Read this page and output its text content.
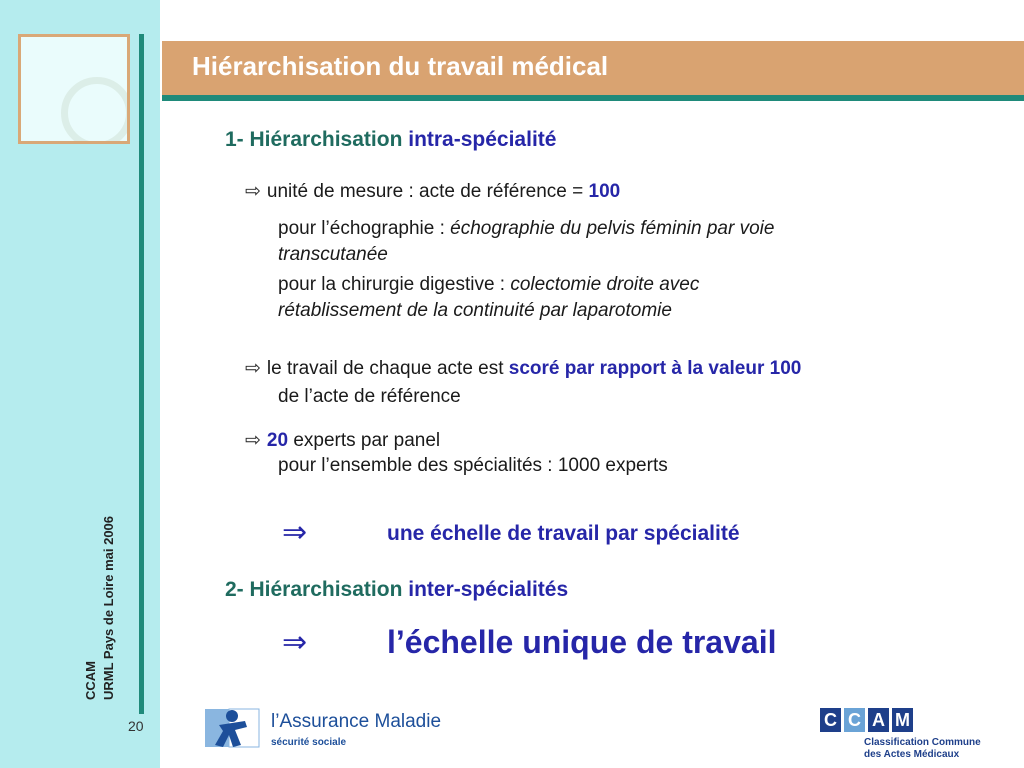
CCAM URML Pays de Loire mai 2006
20
Hiérarchisation du travail médical
1- Hiérarchisation intra-spécialité
⇨ unité de mesure : acte de référence = 100
pour l’échographie : échographie du pelvis féminin par voie
transcutanée
pour la chirurgie digestive : colectomie droite avec
rétablissement de la continuité par laparotomie
⇨ le travail de chaque acte est scoré par rapport à la valeur 100
de l’acte de référence
⇨ 20 experts par panel
pour l’ensemble des spécialités : 1000 experts
⇒	une échelle de travail par spécialité
2- Hiérarchisation inter-spécialités
⇒ l’échelle unique de travail
l’Assurance Maladie
sécurité sociale
C C A M
Classification Commune
des Actes Médicaux
